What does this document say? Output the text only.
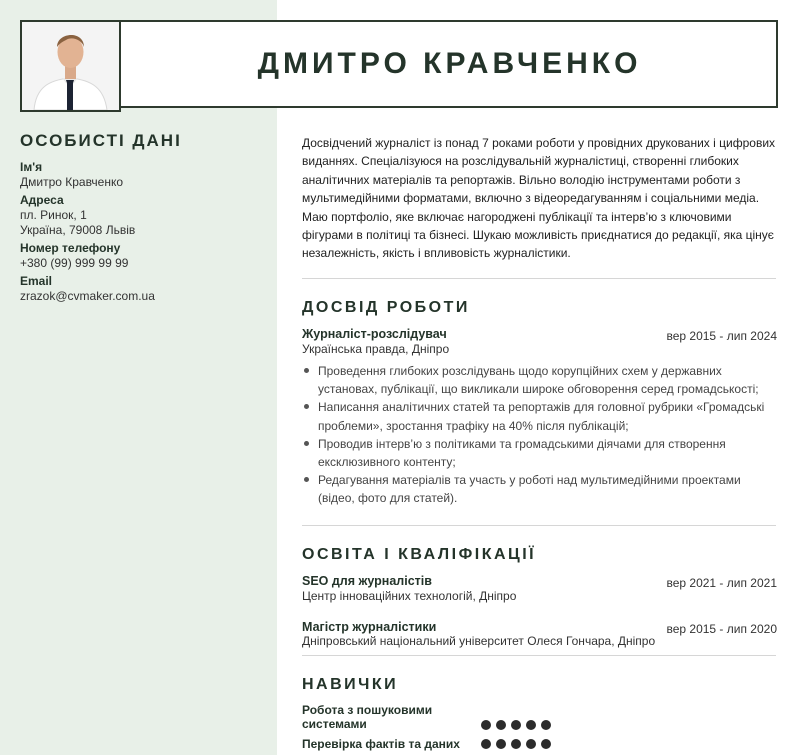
ДМИТРО КРАВЧЕНКО
ОСОБИСТІ ДАНІ
Ім'я
Дмитро Кравченко
Адреса
пл. Ринок, 1
Україна, 79008 Львів
Номер телефону
+380 (99) 999 99 99
Email
zrazok@cvmaker.com.ua
Досвідчений журналіст із понад 7 роками роботи у провідних друкованих і цифрових виданнях. Спеціалізуюся на розслідувальній журналістиці, створенні глибоких аналітичних матеріалів та репортажів. Вільно володію інструментами роботи з мультимедійними форматами, включно з відеоредагуванням і соціальними медіа. Маю портфоліо, яке включає нагороджені публікації та інтерв’ю з ключовими фігурами в політиці та бізнесі. Шукаю можливість приєднатися до редакції, яка цінує незалежність, якість і впливовість журналістики.
ДОСВІД РОБОТИ
Журналіст-розслідувач	вер 2015 - лип 2024
Українська правда, Дніпро
Проведення глибоких розслідувань щодо корупційних схем у державних установах, публікації, що викликали широке обговорення серед громадськості;
Написання аналітичних статей та репортажів для головної рубрики «Громадські проблеми», зростання трафіку на 40% після публікацій;
Проводив інтерв’ю з політиками та громадськими діячами для створення ексклюзивного контенту;
Редагування матеріалів та участь у роботі над мультимедійними проектами (відео, фото для статей).
ОСВІТА І КВАЛІФІКАЦІЇ
SEO для журналістів	вер 2021 - лип 2021
Центр інноваційних технологій, Дніпро
Магістр журналістики	вер 2015 - лип 2020
Дніпровський національний університет Олеся Гончара, Дніпро
НАВИЧКИ
Робота з пошуковими системами
Перевірка фактів та даних
